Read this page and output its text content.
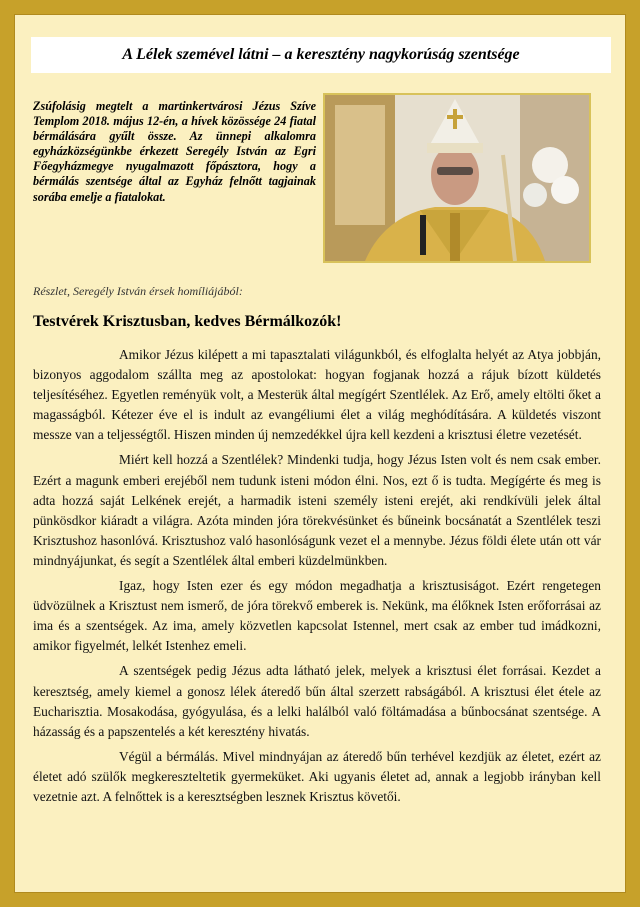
A Lélek szemével látni – a keresztény nagykorúság szentsége
Zsúfolásig megtelt a martinkertvárosi Jézus Szíve Templom 2018. május 12-én, a hívek közössége 24 fiatal bérmálására gyűlt össze. Az ünnepi alkalomra egyházközségünkbe érkezett Seregély István az Egri Főegyházmegye nyugalmazott főpásztora, hogy a bérmálás szentsége által az Egyház felnőtt tagjainak sorába emelje a fiatalokat.
Részlet, Seregély István érsek homíliájából:
Testvérek Krisztusban, kedves Bérmálkozók!

Amikor Jézus kilépett a mi tapasztalati világunkból, és elfoglalta helyét az Atya jobbján, bizonyos aggodalom szállta meg az apostolokat: hogyan fogjanak hozzá a rájuk bízott küldetés teljesítéséhez. Egyetlen reményük volt, a Mesterük által megígért Szentlélek. Az Erő, amely eltölti őket a magasságból. Kétezer éve el is indult az evangéliumi élet a világ meghódítására. A küldetés viszont messze van a teljességtől. Hiszen minden új nemzedékkel újra kell kezdeni a krisztusi életre vezetését.

Miért kell hozzá a Szentlélek? Mindenki tudja, hogy Jézus Isten volt és nem csak ember. Ezért a magunk emberi erejéből nem tudunk isteni módon élni. Nos, ezt ő is tudta. Megígérte és meg is adta hozzá saját Lelkének erejét, a harmadik isteni személy isteni erejét, aki rendkívüli jelek által pünkösdkor kiáradt a világra. Azóta minden jóra törekvésünket és bűneink bocsánatát a Szentlélek teszi Krisztushoz hasonlóvá. Krisztushoz való hasonlóságunk vezet el a mennybe. Jézus földi élete után ott vár mindnyájunkat, és segít a Szentlélek által emberi küzdelmünkben.

Igaz, hogy Isten ezer és egy módon megadhatja a krisztusiságot. Ezért rengetegen üdvözülnek a Krisztust nem ismerő, de jóra törekvő emberek is. Nekünk, ma élőknek Isten erőforrásai az ima és a szentségek. Az ima, amely közvetlen kapcsolat Istennel, mert csak az ember tud imádkozni, amikor figyelmét, lelkét Istenhez emeli.

A szentségek pedig Jézus adta látható jelek, melyek a krisztusi élet forrásai. Kezdet a keresztség, amely kiemel a gonosz lélek áteredő bűn által szerzett rabságából. A krisztusi élet étele az Eucharisztia. Mosakodása, gyógyulása, és a lelki halálból való föltámadása a bűnbocsánat szentsége. A házasság és a papszentelés a két keresztény hivatás.

Végül a bérmálás. Mivel mindnyájan az áteredő bűn terhével kezdjük az életet, ezért az életet adó szülők megkereszteltetik gyermeküket. Aki ugyanis életet ad, annak a legjobb irányban kell vezetnie azt. A felnőttek is a keresztségben lesznek Krisztus követői.
